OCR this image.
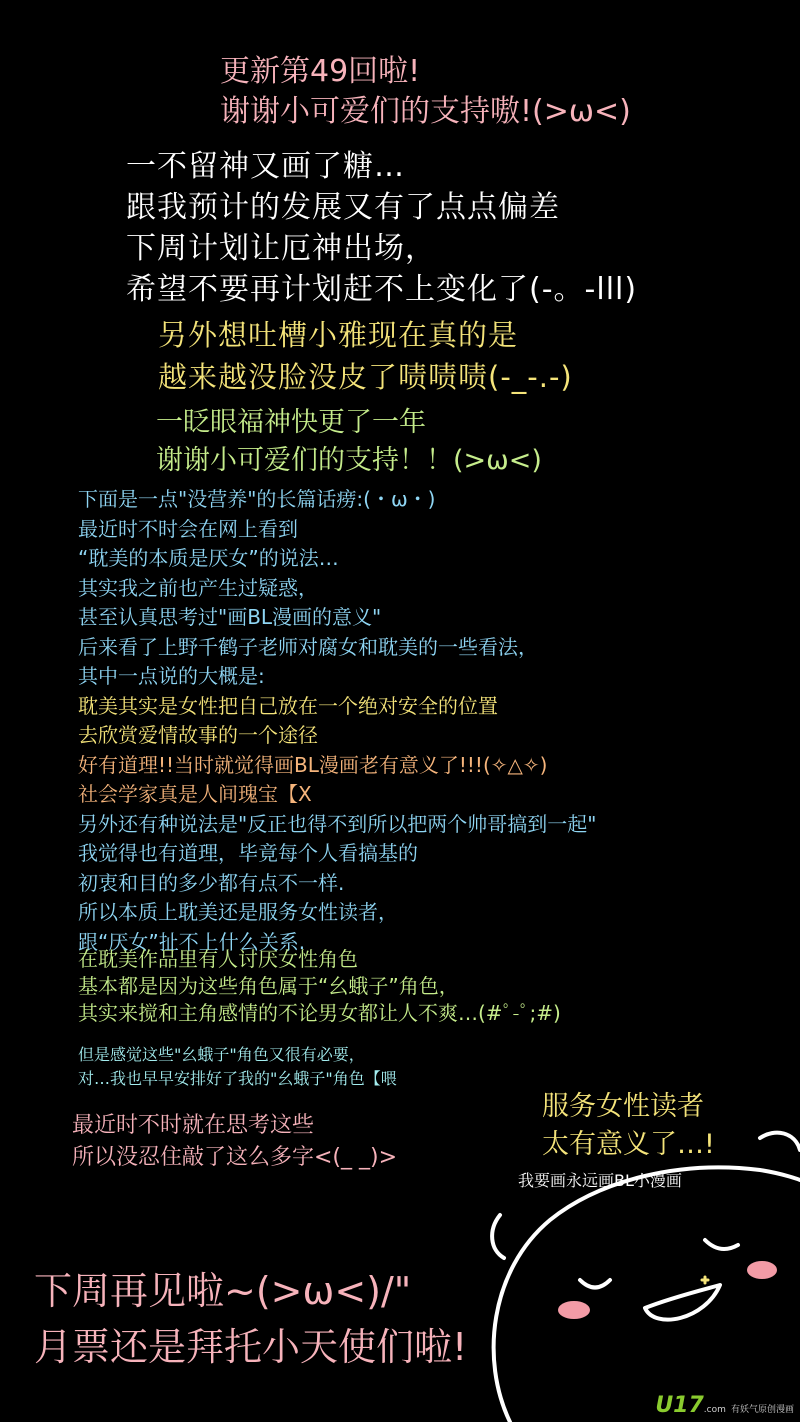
更新第49回啦!
谢谢小可爱们的支持嗷!(>ω<)
一不留神又画了糖…
跟我预计的发展又有了点点偏差
下周计划让厄神出场，
希望不要再计划赶不上变化了(-。-lll)
另外想吐槽小雅现在真的是
越来越没脸没皮了啧啧啧(-_-.-)
一眨眼福神快更了一年
谢谢小可爱们的支持！！(>ω<)
下面是一点"没营养"的长篇话痨:(・ω・)
最近时不时会在网上看到
“耽美的本质是厌女”的说法…
其实我之前也产生过疑惑，
甚至认真思考过"画BL漫画的意义"
后来看了上野千鹤子老师对腐女和耽美的一些看法，
其中一点说的大概是:
耽美其实是女性把自己放在一个绝对安全的位置
去欣赏爱情故事的一个途径
好有道理!!当时就觉得画BL漫画老有意义了!!!(✧△✧)
社会学家真是人间瑰宝【X
另外还有种说法是"反正也得不到所以把两个帅哥搞到一起"
我觉得也有道理，毕竟每个人看搞基的
初衷和目的多少都有点不一样.
所以本质上耽美还是服务女性读者，
跟“厌女”扯不上什么关系.
在耽美作品里有人讨厌女性角色
基本都是因为这些角色属于“幺蛾子”角色，
其实来搅和主角感情的不论男女都让人不爽…(#ﾟ-ﾟ;#)
但是感觉这些"幺蛾子"角色又很有必要，
对…我也早早安排好了我的"幺蛾子"角色【喂
最近时不时就在思考这些
所以没忍住敲了这么多字<(_ _)>
服务女性读者
太有意义了…!
我要画永远画BL小漫画
下周再见啦~(>ω<)/"
月票还是拜托小天使们啦!
U17.com 有妖气原创漫画
